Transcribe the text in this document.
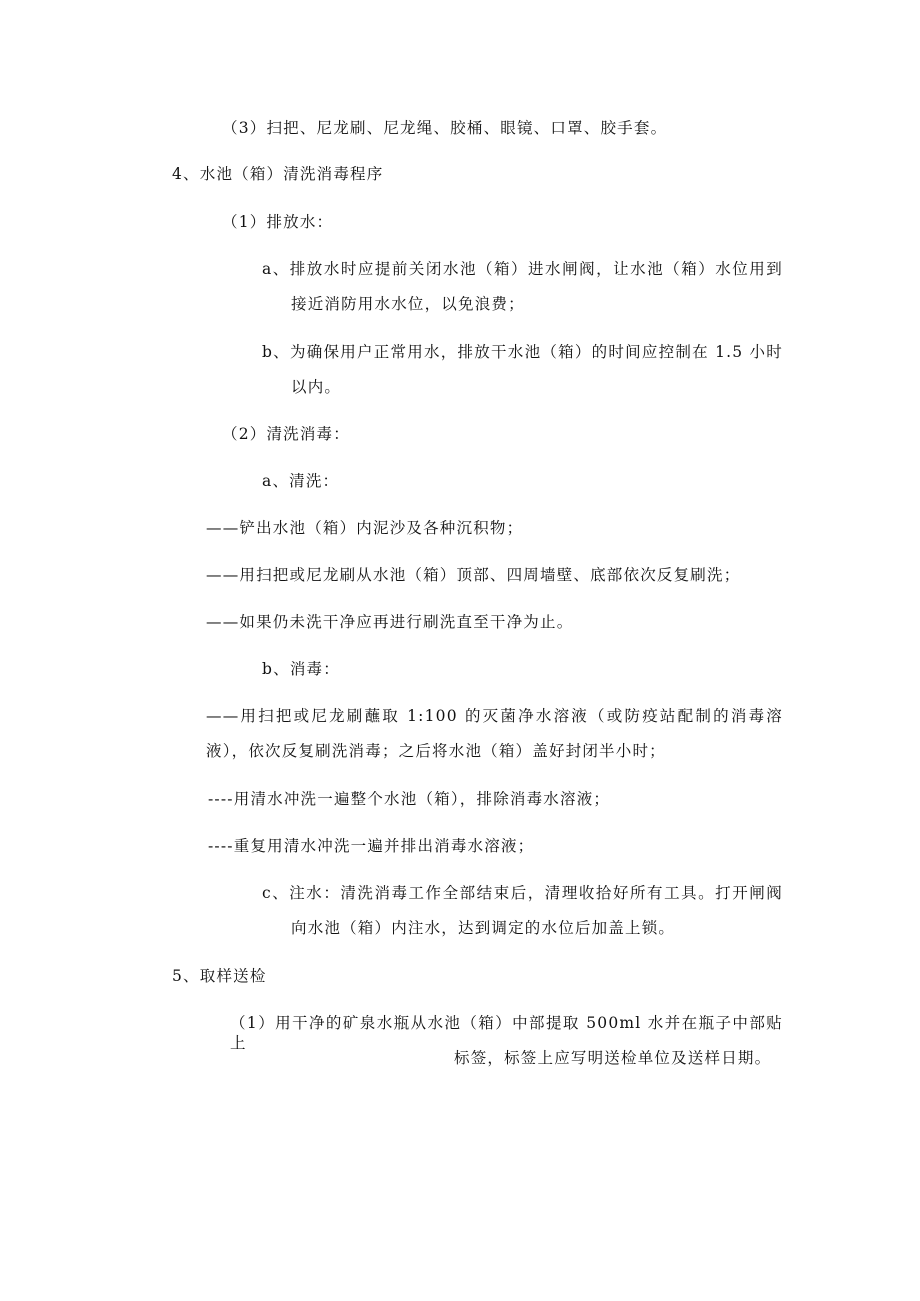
（3）扫把、尼龙刷、尼龙绳、胶桶、眼镜、口罩、胶手套。
4、水池（箱）清洗消毒程序
（1）排放水：
a、排放水时应提前关闭水池（箱）进水闸阀，让水池（箱）水位用到
接近消防用水水位，以免浪费；
b、为确保用户正常用水，排放干水池（箱）的时间应控制在 1.5 小时
以内。
（2）清洗消毒：
a、清洗：
——铲出水池（箱）内泥沙及各种沉积物；
——用扫把或尼龙刷从水池（箱）顶部、四周墙壁、底部依次反复刷洗；
——如果仍未洗干净应再进行刷洗直至干净为止。
b、消毒：
——用扫把或尼龙刷蘸取 1:100 的灭菌净水溶液（或防疫站配制的消毒溶
液），依次反复刷洗消毒；之后将水池（箱）盖好封闭半小时；
----用清水冲洗一遍整个水池（箱），排除消毒水溶液；
----重复用清水冲洗一遍并排出消毒水溶液；
c、注水：清洗消毒工作全部结束后，清理收拾好所有工具。打开闸阀
向水池（箱）内注水，达到调定的水位后加盖上锁。
5、取样送检
（1）用干净的矿泉水瓶从水池（箱）中部提取 500ml 水并在瓶子中部贴上
标签，标签上应写明送检单位及送样日期。
